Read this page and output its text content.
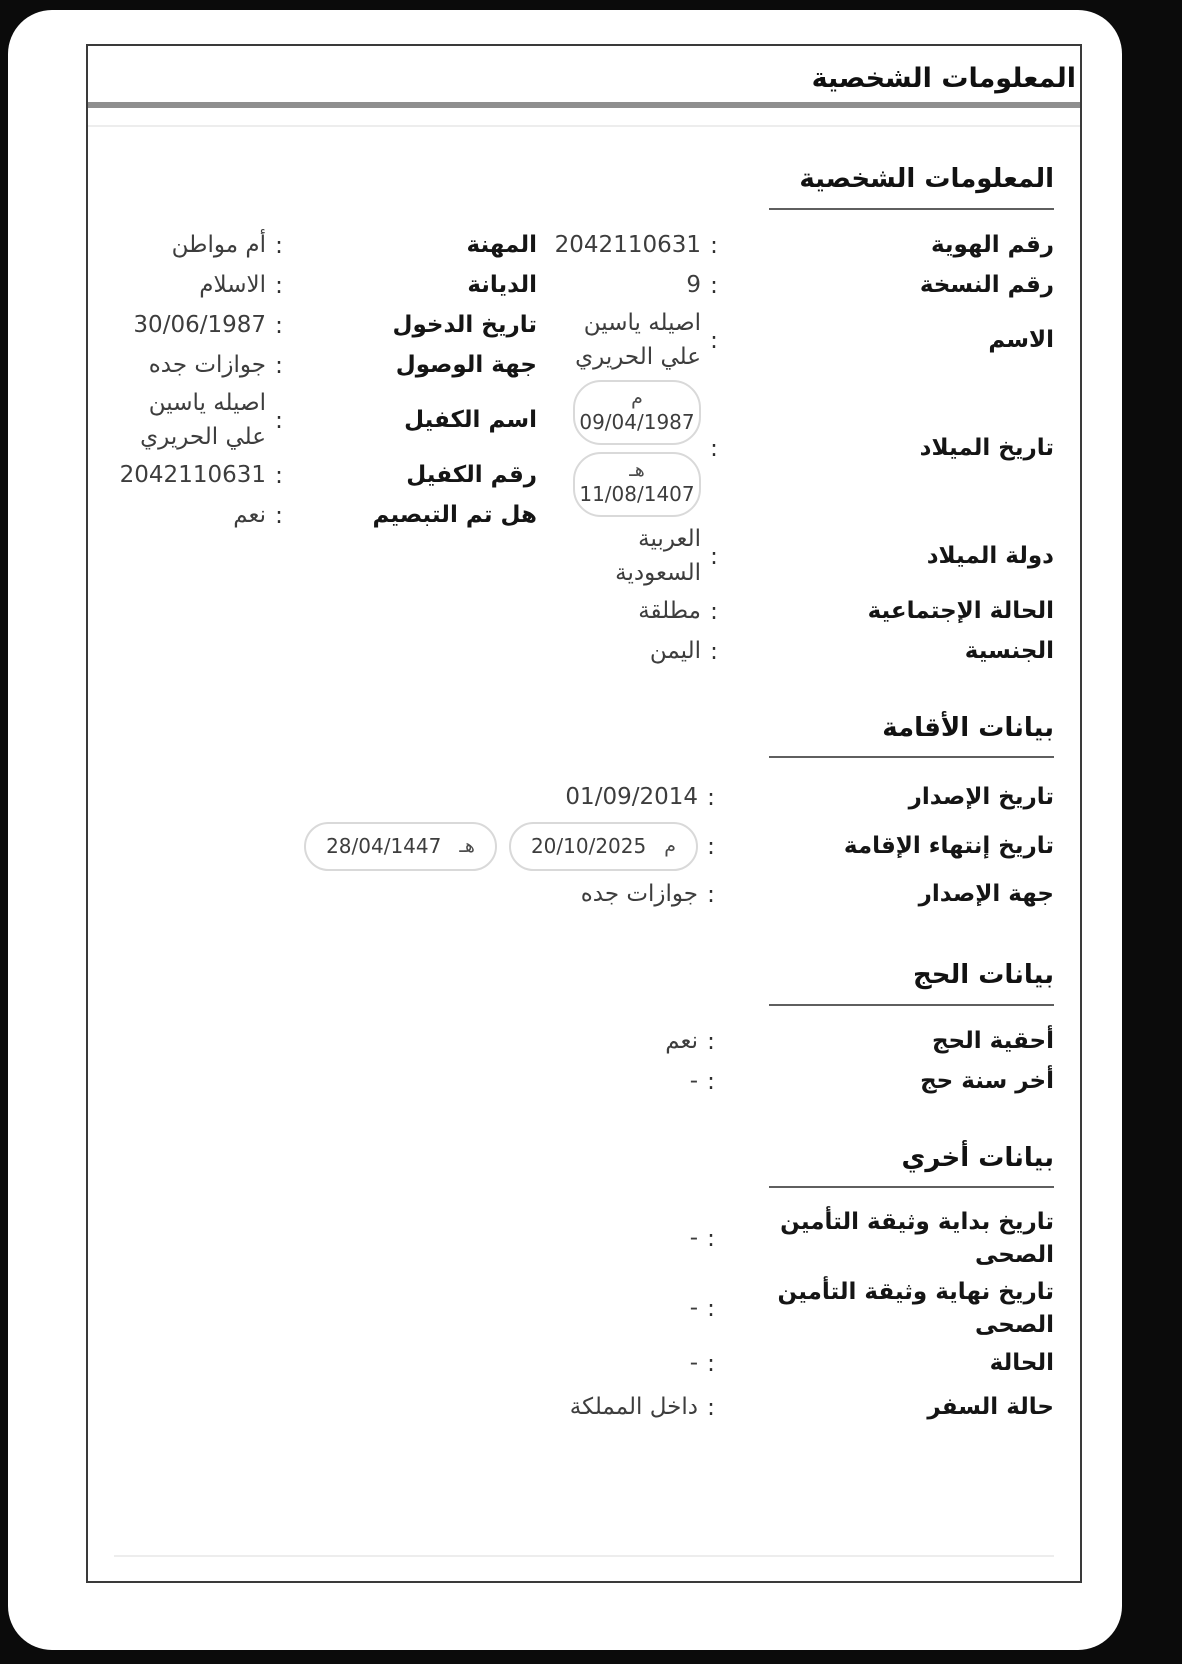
المعلومات الشخصية
المعلومات الشخصية
رقم الهوية
:
2042110631
رقم النسخة
:
9
الاسم
:
اصيله ياسين علي الحريري
تاريخ الميلاد
:
م
09/04/1987
هـ
11/08/1407
دولة الميلاد
:
العربية السعودية
الحالة الإجتماعية
:
مطلقة
الجنسية
:
اليمن
المهنة
:
أم مواطن
الديانة
:
الاسلام
تاريخ الدخول
:
30/06/1987
جهة الوصول
:
جوازات جده
اسم الكفيل
:
اصيله ياسين علي الحريري
رقم الكفيل
:
2042110631
هل تم التبصيم
:
نعم
بيانات الأقامة
تاريخ الإصدار
:
01/09/2014
تاريخ إنتهاء الإقامة
:
م
20/10/2025
هـ
28/04/1447
جهة الإصدار
:
جوازات جده
بيانات الحج
أحقية الحج
:
نعم
أخر سنة حج
:
-
بيانات أخري
تاريخ بداية وثيقة التأمين الصحى
:
-
تاريخ نهاية وثيقة التأمين الصحى
:
-
الحالة
:
-
حالة السفر
:
داخل المملكة
